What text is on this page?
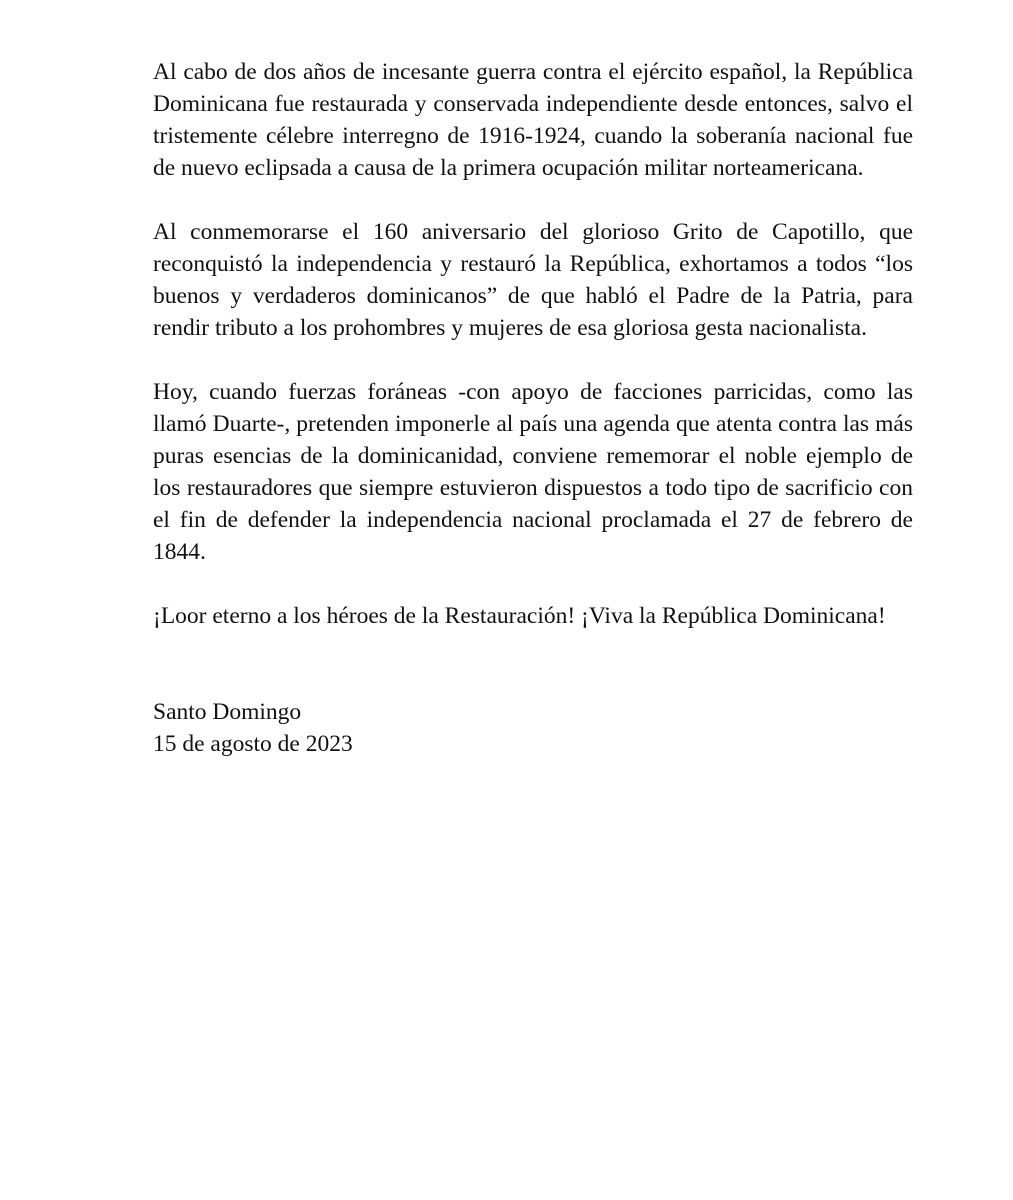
Al cabo de dos años de incesante guerra contra el ejército español, la República Dominicana fue restaurada y conservada independiente desde entonces, salvo el tristemente célebre interregno de 1916-1924, cuando la soberanía nacional fue de nuevo eclipsada a causa de la primera ocupación militar norteamericana.

Al conmemorarse el 160 aniversario del glorioso Grito de Capotillo, que reconquistó la independencia y restauró la República, exhortamos a todos “los buenos y verdaderos dominicanos” de que habló el Padre de la Patria, para rendir tributo a los prohombres y mujeres de esa gloriosa gesta nacionalista.

Hoy, cuando fuerzas foráneas -con apoyo de facciones parricidas, como las llamó Duarte-, pretenden imponerle al país una agenda que atenta contra las más puras esencias de la dominicanidad, conviene rememorar el noble ejemplo de los restauradores que siempre estuvieron dispuestos a todo tipo de sacrificio con el fin de defender la independencia nacional proclamada el 27 de febrero de 1844.

¡Loor eterno a los héroes de la Restauración! ¡Viva la República Dominicana!

Santo Domingo
15 de agosto de 2023
